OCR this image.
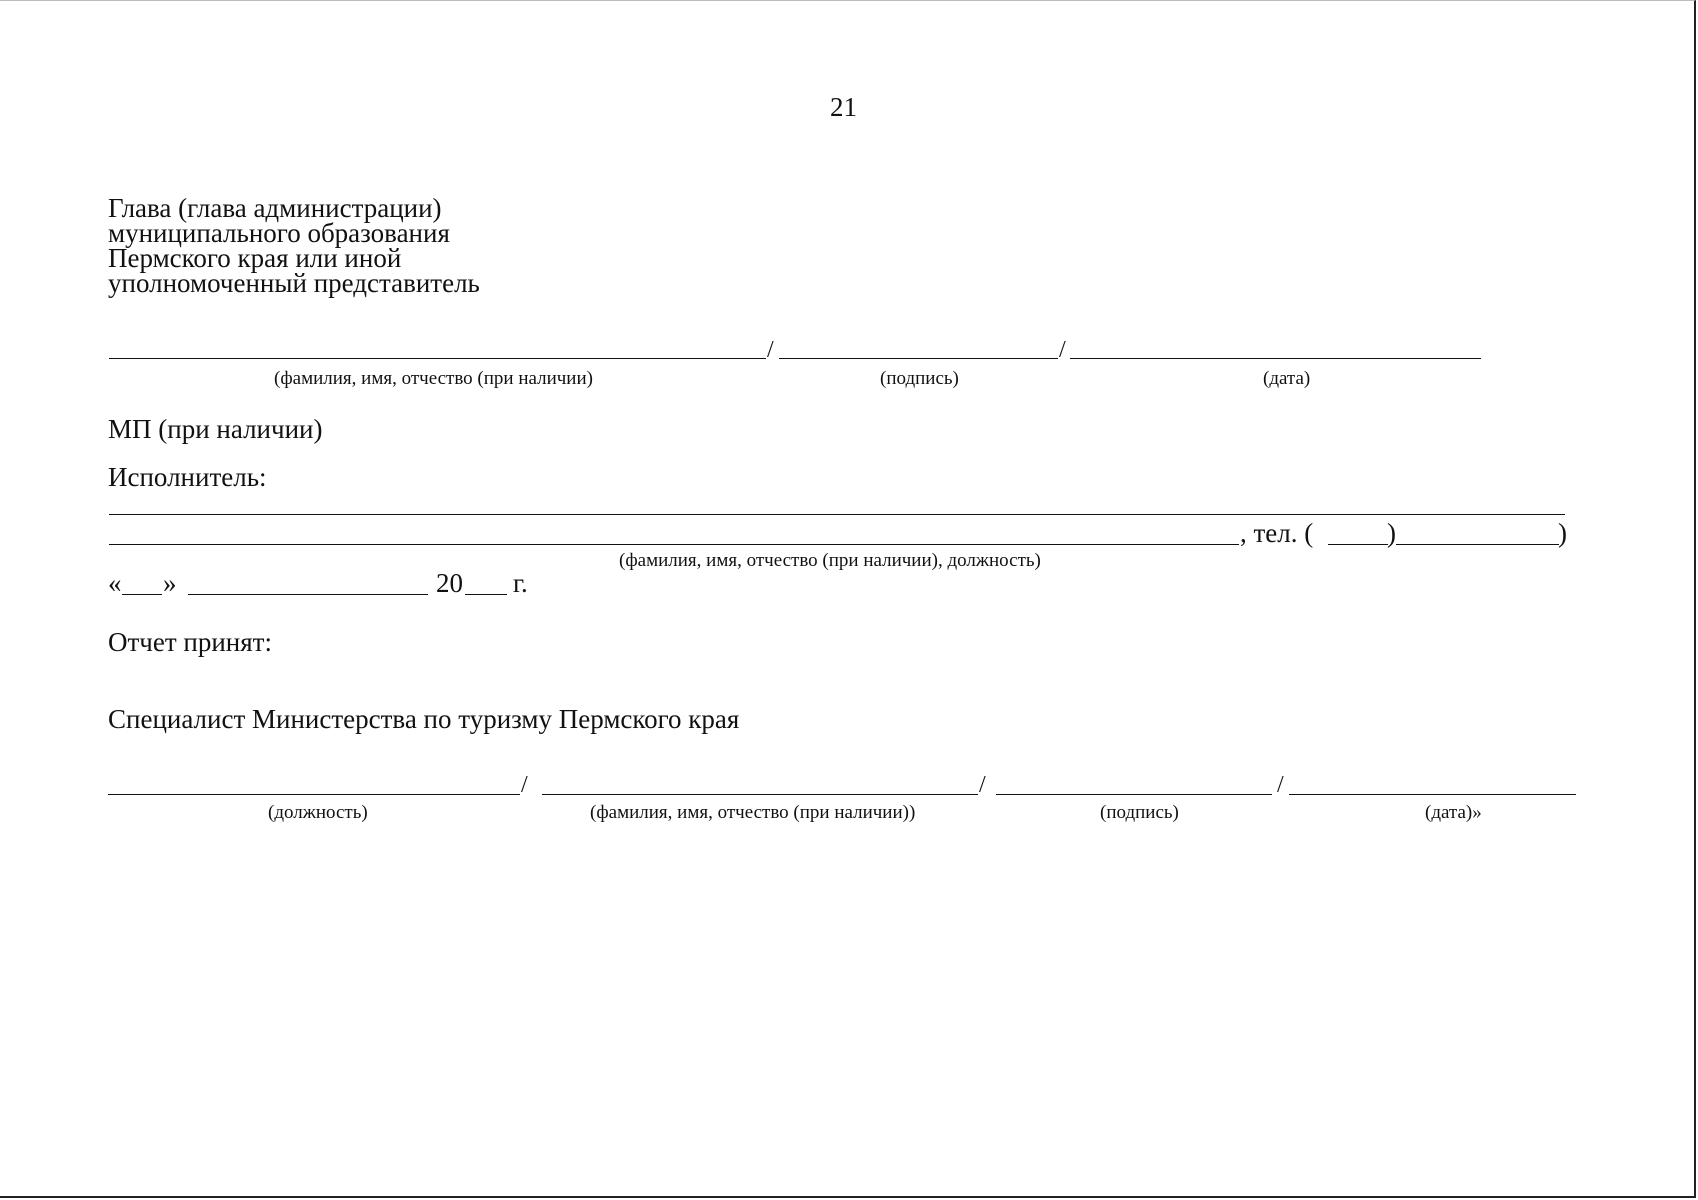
21
Глава (глава администрации)
муниципального образования
Пермского края или иной
уполномоченный представитель
/	/
(фамилия, имя, отчество (при наличии)	(подпись)	(дата)
МП (при наличии)
Исполнитель:
, тел. (	)	)
(фамилия, имя, отчество (при наличии), должность)
« »	20 г.
Отчет принят:
Специалист Министерства по туризму Пермского края
/	/	/
(должность)	(фамилия, имя, отчество (при наличии))	(подпись)	(дата)»
